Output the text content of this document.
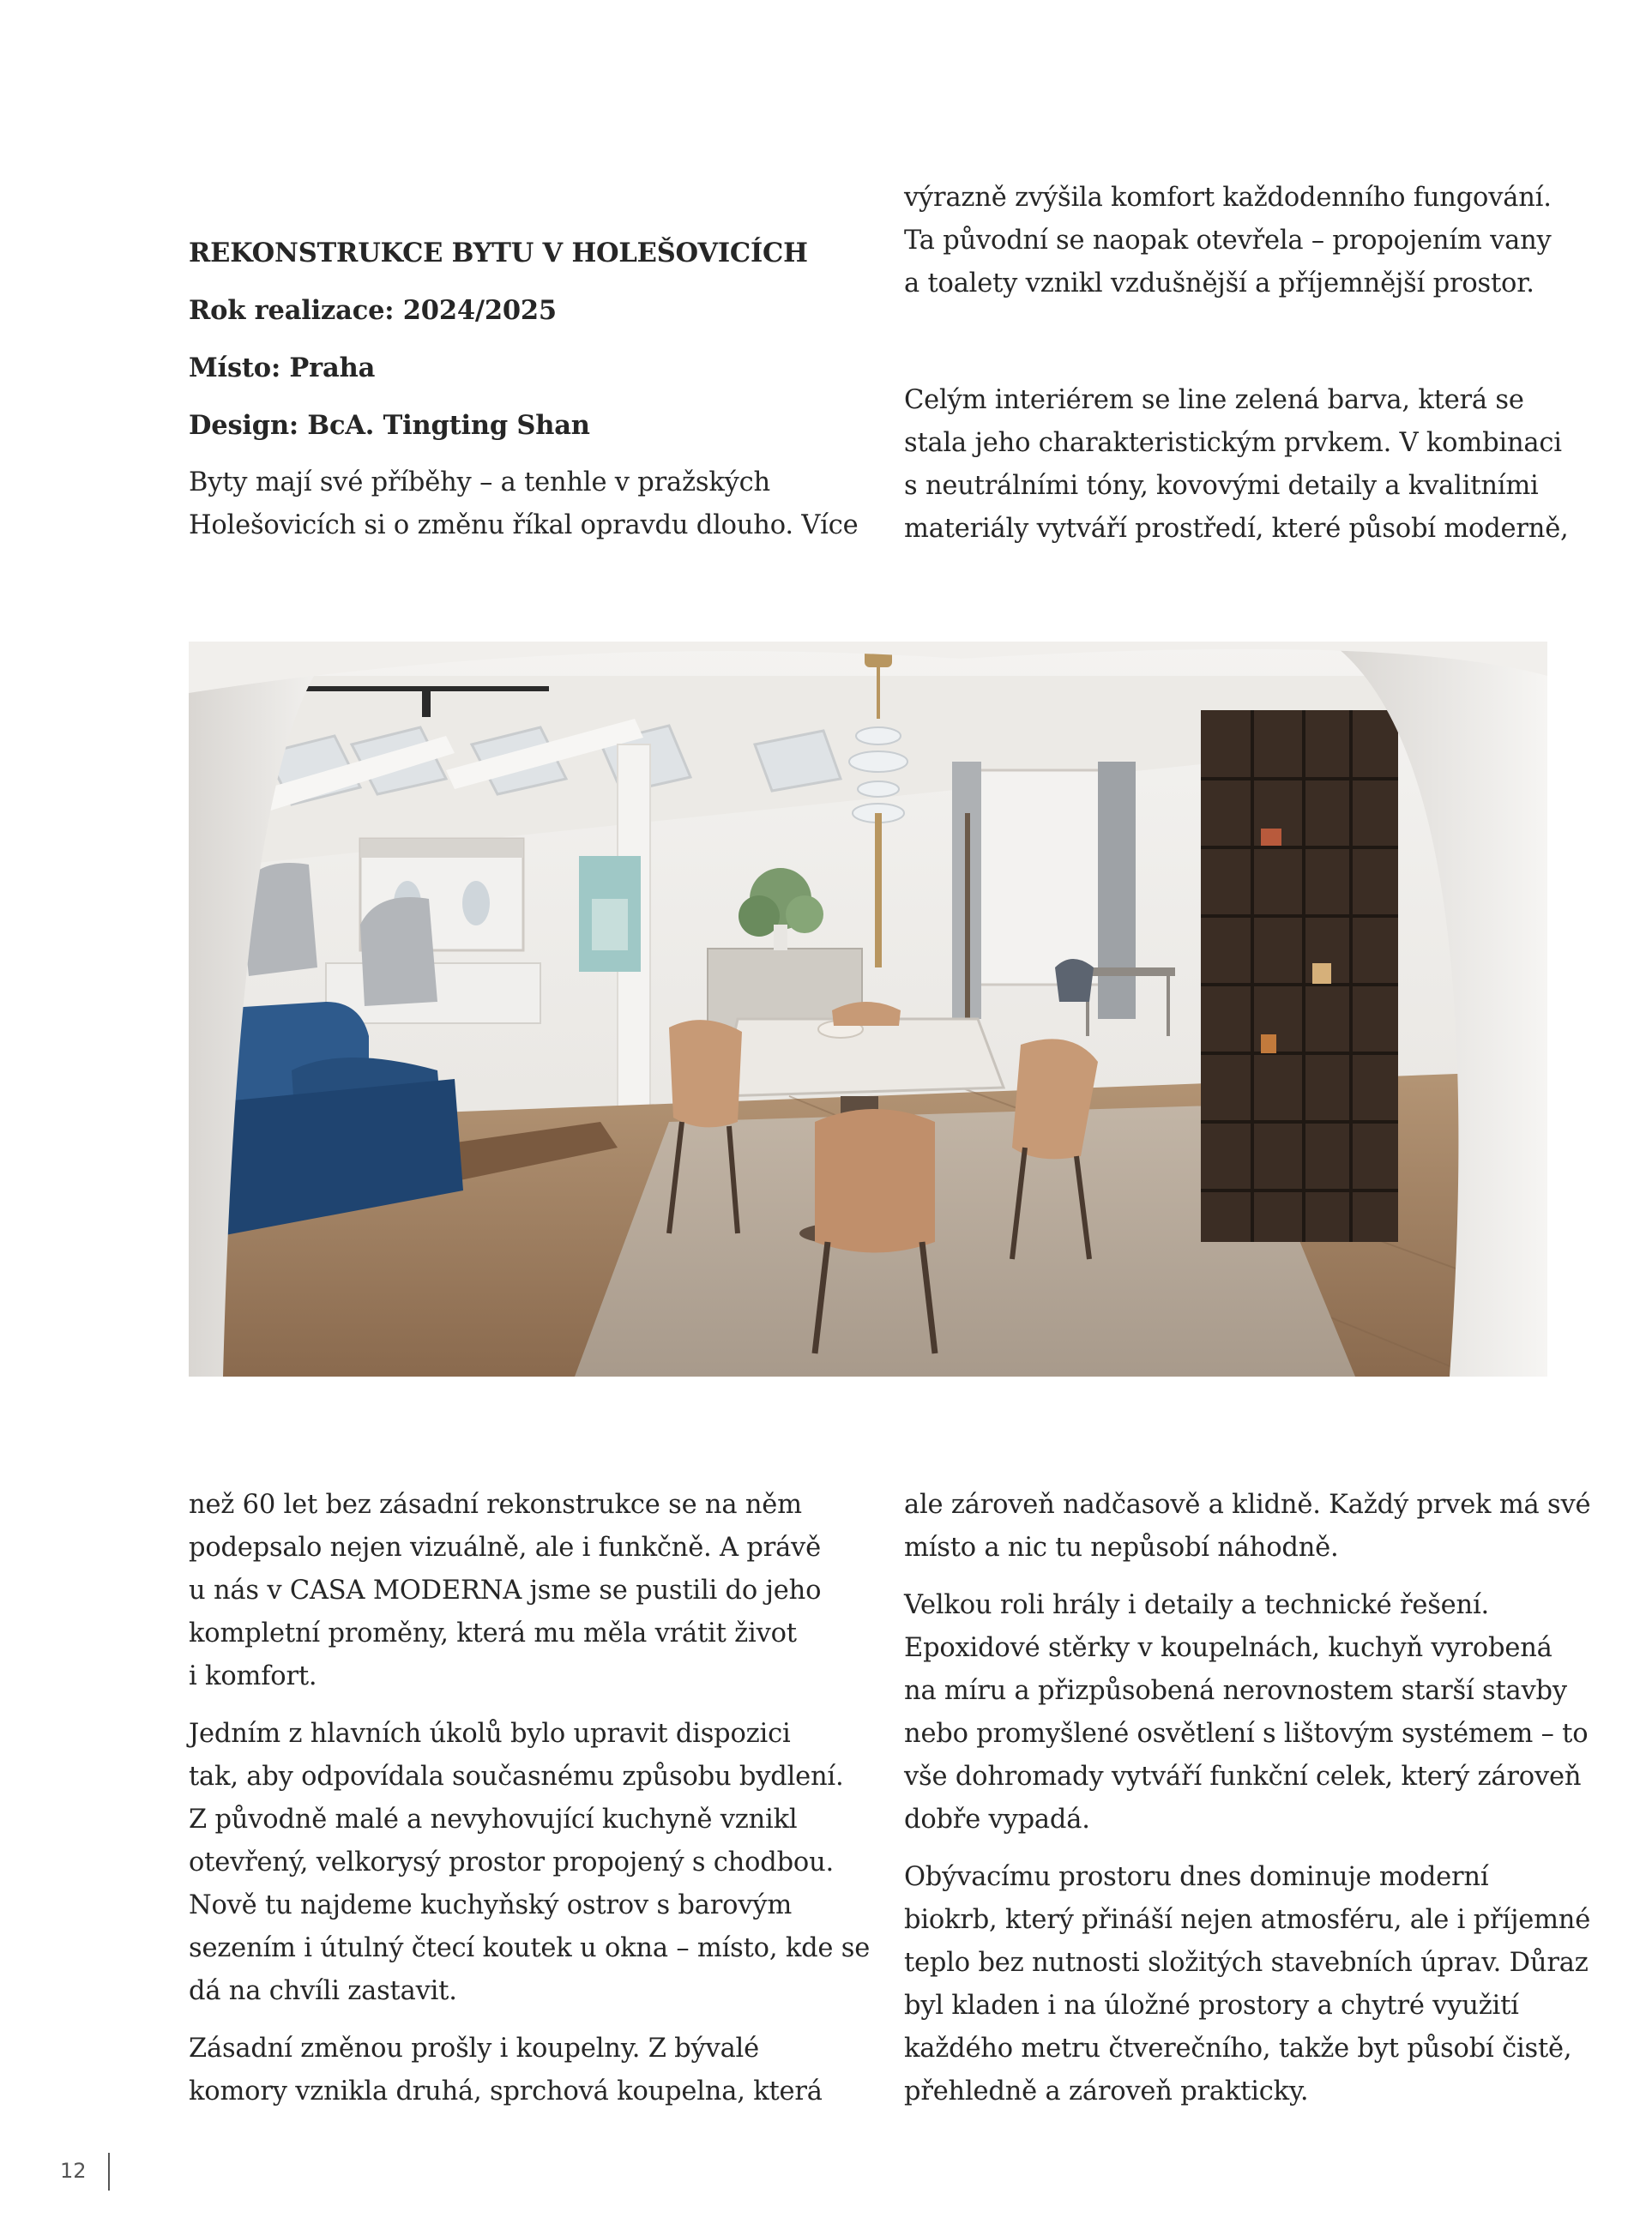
REKONSTRUKCE BYTU V HOLEŠOVICÍCH
Rok realizace: 2024/2025
Místo: Praha
Design: BcA. Tingting Shan

Byty mají své příběhy – a tenhle v pražských
Holešovicích si o změnu říkal opravdu dlouho. Více

výrazně zvýšila komfort každodenního fungování.
Ta původní se naopak otevřela – propojením vany
a toalety vznikl vzdušnější a příjemnější prostor.

Celým interiérem se line zelená barva, která se
stala jeho charakteristickým prvkem. V kombinaci
s neutrálními tóny, kovovými detaily a kvalitními
materiály vytváří prostředí, které působí moderně,

než 60 let bez zásadní rekonstrukce se na něm
podepsalo nejen vizuálně, ale i funkčně. A právě
u nás v CASA MODERNA jsme se pustili do jeho
kompletní proměny, která mu měla vrátit život
i komfort.

Jedním z hlavních úkolů bylo upravit dispozici
tak, aby odpovídala současnému způsobu bydlení.
Z původně malé a nevyhovující kuchyně vznikl
otevřený, velkorysý prostor propojený s chodbou.
Nově tu najdeme kuchyňský ostrov s barovým
sezením i útulný čtecí koutek u okna – místo, kde se
dá na chvíli zastavit.

Zásadní změnou prošly i koupelny. Z bývalé
komory vznikla druhá, sprchová koupelna, která

ale zároveň nadčasově a klidně. Každý prvek má své
místo a nic tu nepůsobí náhodně.

Velkou roli hrály i detaily a technické řešení.
Epoxidové stěrky v koupelnách, kuchyň vyrobená
na míru a přizpůsobená nerovnostem starší stavby
nebo promyšlené osvětlení s lištovým systémem – to
vše dohromady vytváří funkční celek, který zároveň
dobře vypadá.

Obývacímu prostoru dnes dominuje moderní
biokrb, který přináší nejen atmosféru, ale i příjemné
teplo bez nutnosti složitých stavebních úprav. Důraz
byl kladen i na úložné prostory a chytré využití
každého metru čtverečního, takže byt působí čistě,
přehledně a zároveň prakticky.

12
